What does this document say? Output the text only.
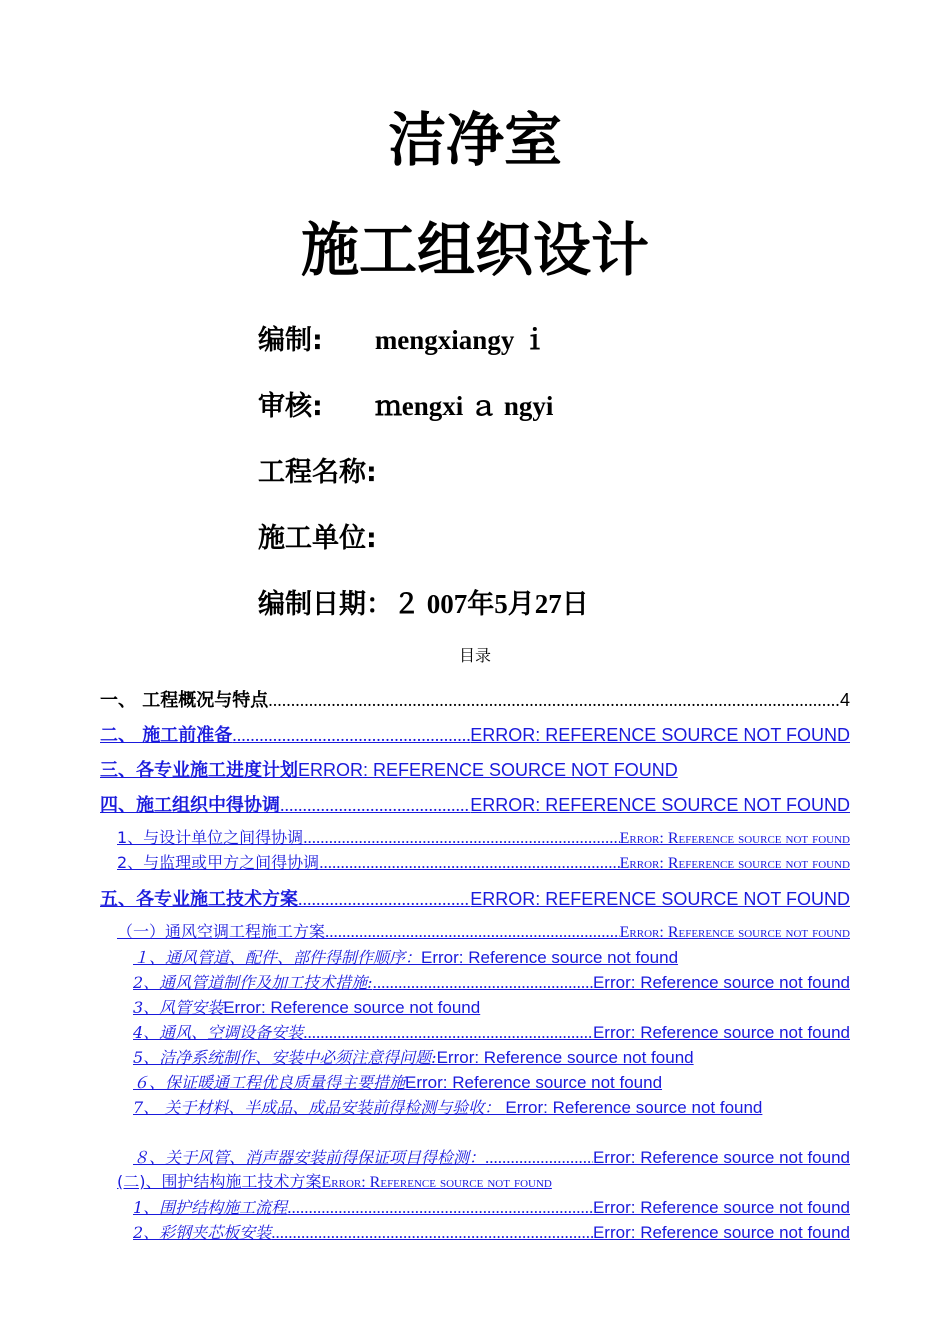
洁净室
施工组织设计
编制: mengxiangy ｉ
审核: ｍengxi ａ ngyi
工程名称:
施工单位:
编制日期：２ 007年5月27日
目录
一、 工程概况与特点 .....	4
二、 施工前准备 .....	ERROR: REFERENCE SOURCE NOT FOUND
三、各专业施工进度计划 ERROR: REFERENCE SOURCE NOT FOUND
四、施工组织中得协调 .....	ERROR: REFERENCE SOURCE NOT FOUND
1、与设计单位之间得协调 .....	Error: Reference source not found
2、与监理或甲方之间得协调 .....	Error: Reference source not found
五、各专业施工技术方案 .....	ERROR: REFERENCE SOURCE NOT FOUND
（一）通风空调工程施工方案 .....	Error: Reference source not found
１、通风管道、配件、部件得制作顺序： Error: Reference source not found
2、通风管道制作及加工技术措施: .....	Error: Reference source not found
3、风管安装 Error: Reference source not found
4、通风、空调设备安装 .....	Error: Reference source not found
5、洁净系统制作、安装中必须注意得问题: Error: Reference source not found
６、保证暖通工程优良质量得主要措施 Error: Reference source not found
7、 关于材料、半成品、成品安装前得检测与验收： Error: Reference source not found
８、关于风管、消声器安装前得保证项目得检测： .....	Error: Reference source not found
(二)、围护结构施工技术方案 Error: Reference source not found
1、围护结构施工流程 .....	Error: Reference source not found
2、彩钢夹芯板安装 .....	Error: Reference source not found
